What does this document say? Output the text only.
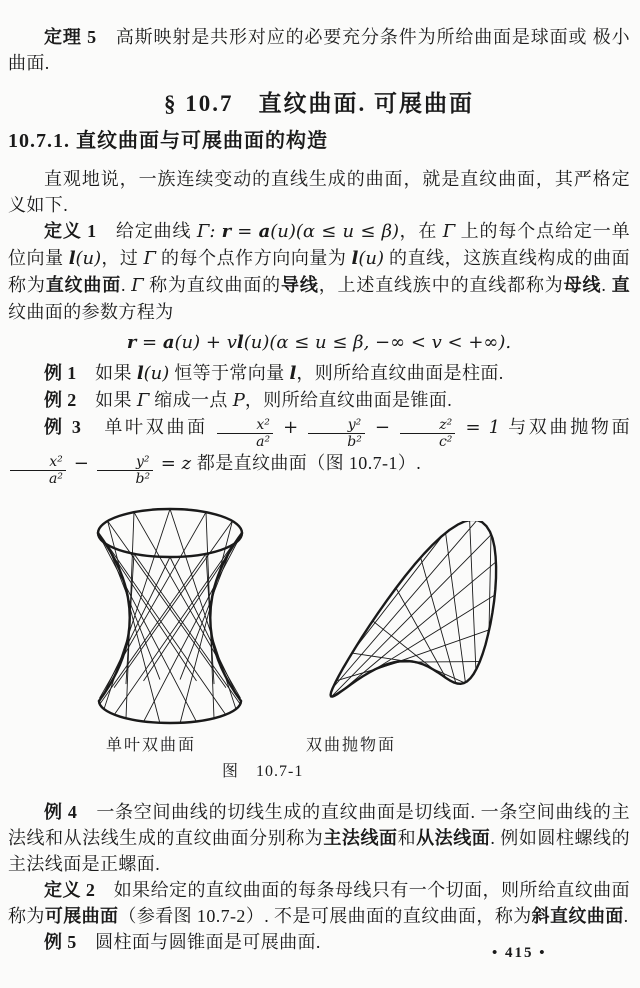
定理 5　高斯映射是共形对应的必要充分条件为所给曲面是球面或 极小曲面.

§ 10.7　直纹曲面. 可展曲面
10.7.1. 直纹曲面与可展曲面的构造

直观地说，一族连续变动的直线生成的曲面，就是直纹曲面，其严格定义如下.

定义 1　给定曲线 Γ: r = a(u)(α ≤ u ≤ β)，在 Γ 上的每个点给定一单位向量 l(u)，过 Γ 的每个点作方向向量为 l(u) 的直线，这族直线构成的曲面称为直纹曲面. Γ 称为直纹曲面的导线，上述直线族中的直线都称为母线. 直纹曲面的参数方程为

r = a(u) + vl(u)(α ≤ u ≤ β, −∞ < v < +∞).

例 1　如果 l(u) 恒等于常向量 l，则所给直纹曲面是柱面.

例 2　如果 Γ 缩成一点 P，则所给直纹曲面是锥面.

例 3　单叶双曲面 $\frac{\text{x²}}{\text{a²}} + \frac{\text{y²}}{\text{b²}} - \frac{\text{z²}}{\text{c²}} = 1$ 与双曲抛物面
$\frac{\text{x²}}{\text{a²}} - \frac{\text{y²}}{\text{b²}} = z$ 都是直纹曲面（图 10.7-1）.

单叶双曲面	双曲抛物面
图　10.7-1

例 4　一条空间曲线的切线生成的直纹曲面是切线面. 一条空间曲线的主法线和从法线生成的直纹曲面分别称为主法线面和从法线面. 例如圆柱螺线的主法线面是正螺面.

定义 2　如果给定的直纹曲面的每条母线只有一个切面，则所给直纹曲面称为可展曲面（参看图 10.7-2）. 不是可展曲面的直纹曲面，称为斜直纹曲面.

例 5　圆柱面与圆锥面是可展曲面.

• 415 •
